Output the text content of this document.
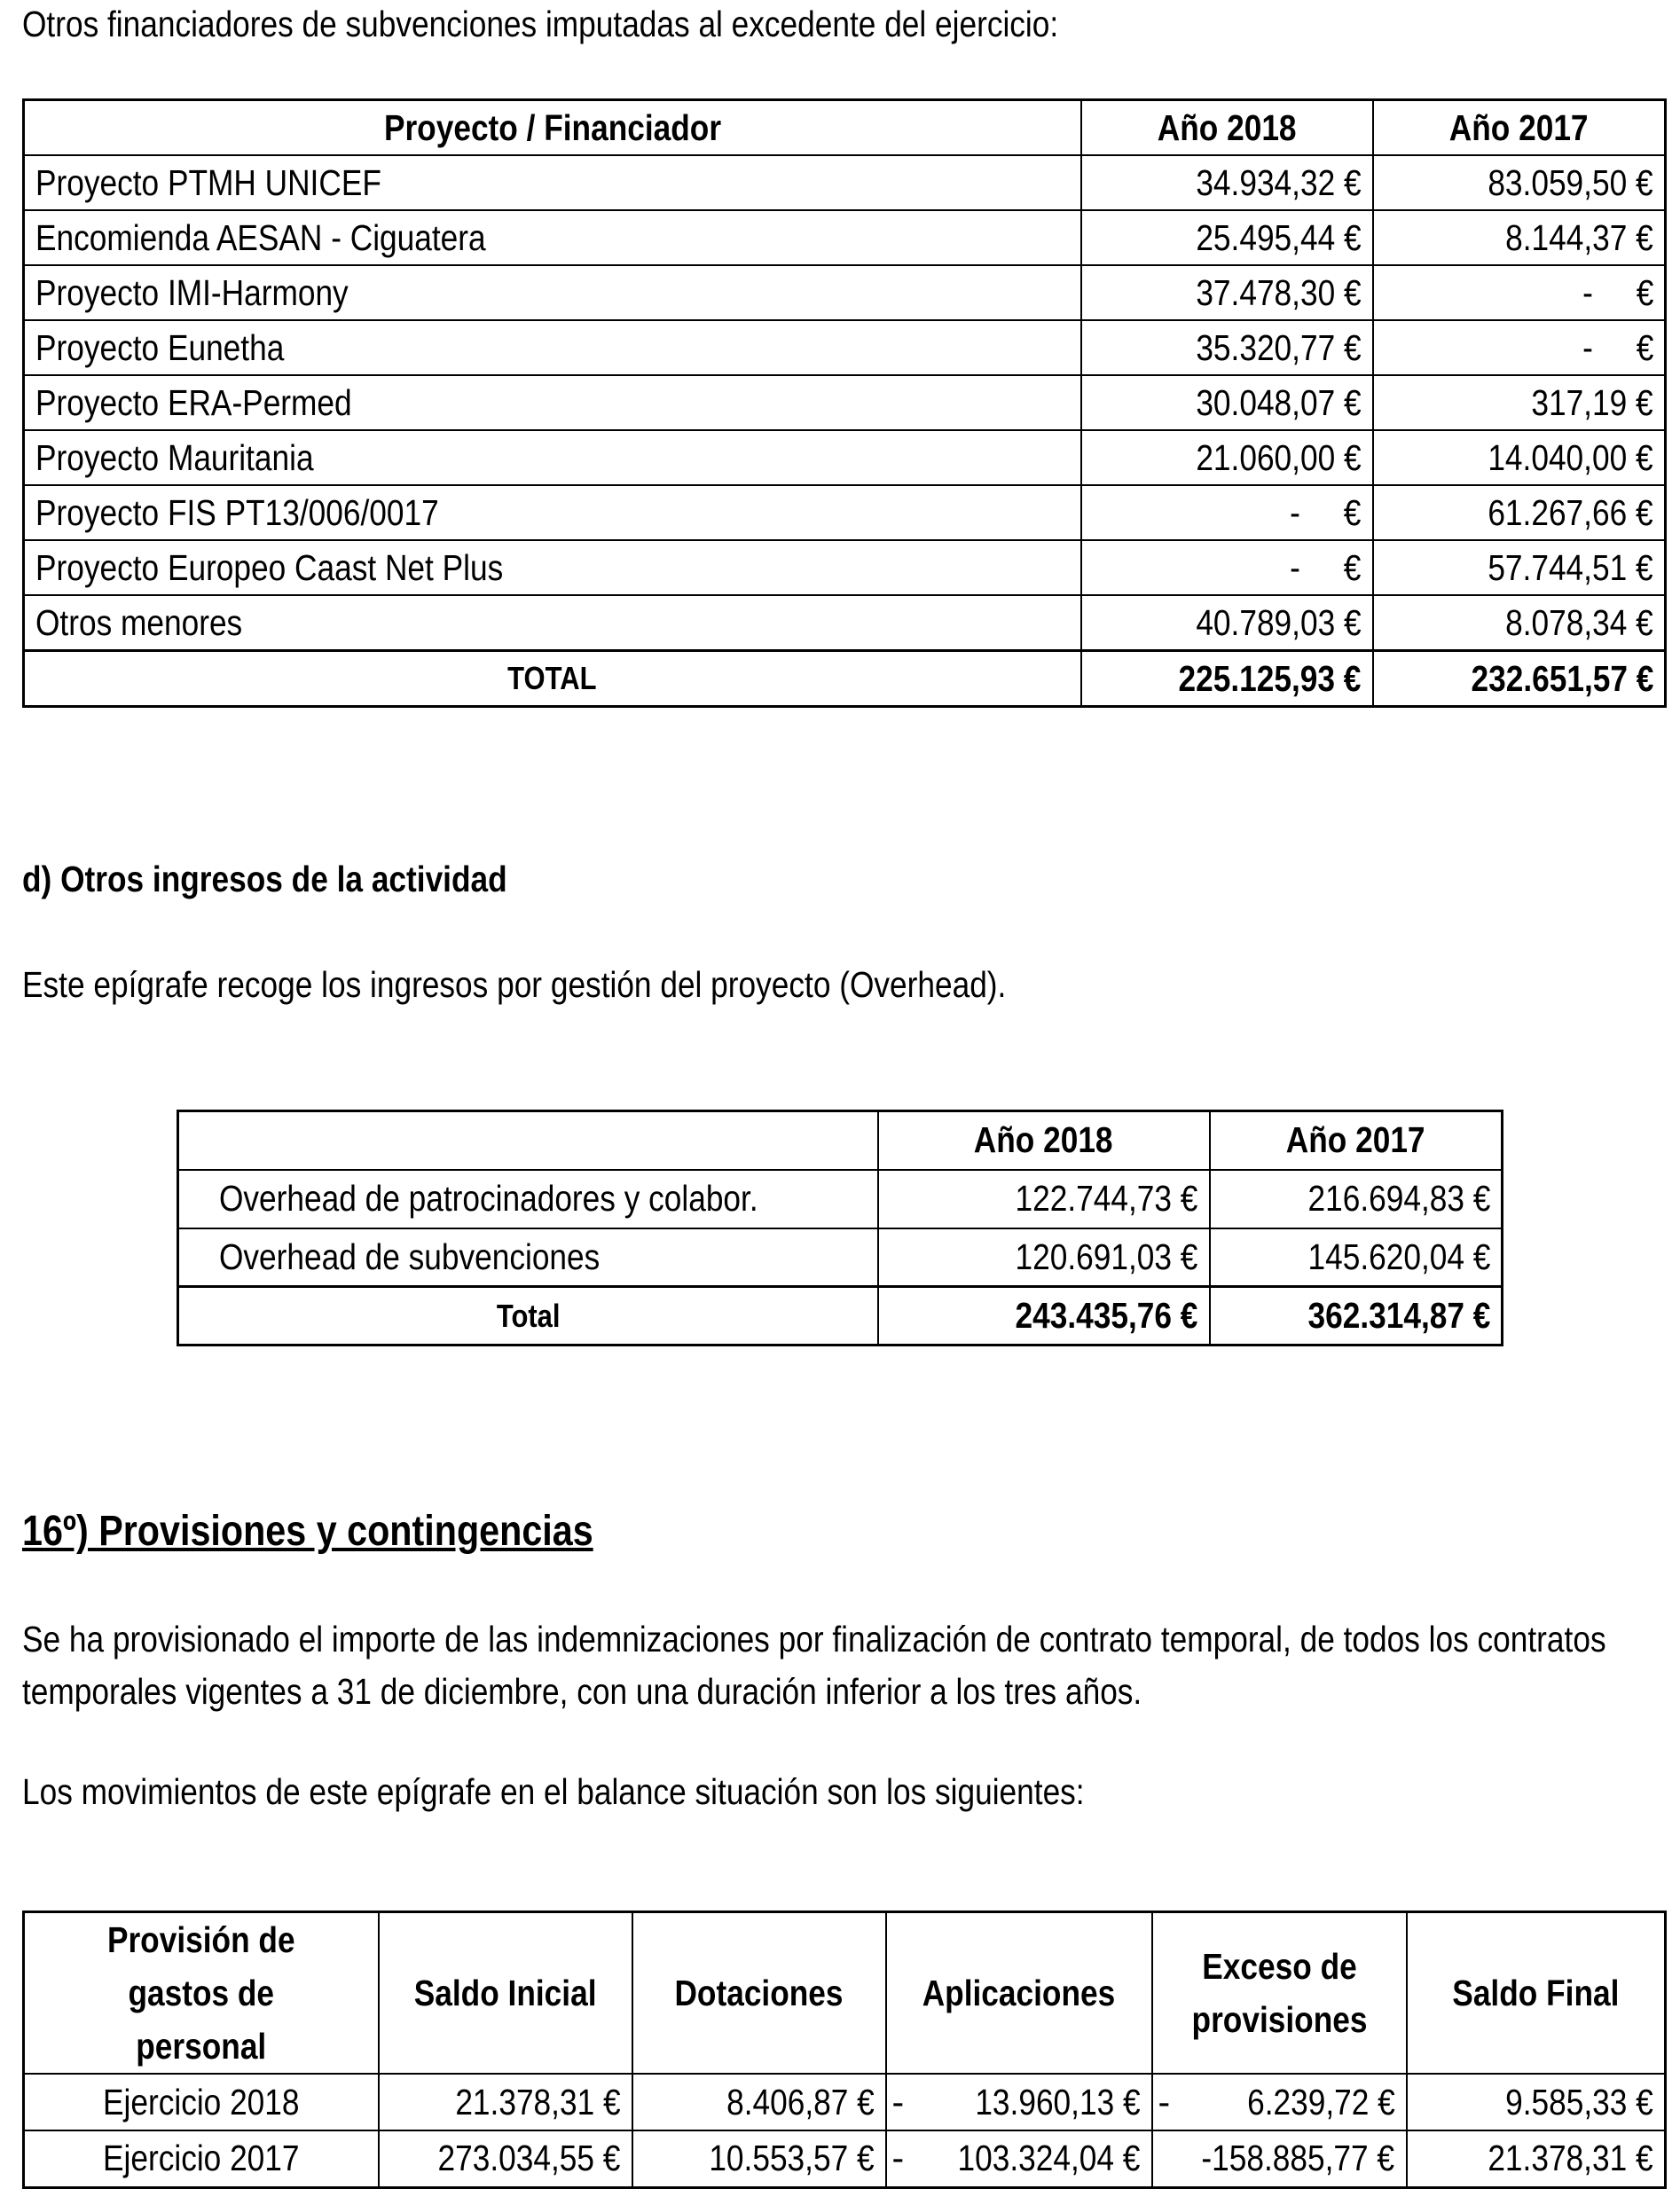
Otros financiadores de subvenciones imputadas al excedente del ejercicio:

Proyecto / Financiador	Año 2018	Año 2017
Proyecto PTMH UNICEF	34.934,32 €	83.059,50 €
Encomienda AESAN - Ciguatera	25.495,44 €	8.144,37 €
Proyecto IMI-Harmony	37.478,30 €	-     €
Proyecto Eunetha	35.320,77 €	-     €
Proyecto ERA-Permed	30.048,07 €	317,19 €
Proyecto Mauritania	21.060,00 €	14.040,00 €
Proyecto FIS PT13/006/0017	-     €	61.267,66 €
Proyecto Europeo Caast Net Plus	-     €	57.744,51 €
Otros menores	40.789,03 €	8.078,34 €
TOTAL	225.125,93 €	232.651,57 €

d) Otros ingresos de la actividad

Este epígrafe recoge los ingresos por gestión del proyecto (Overhead).

	Año 2018	Año 2017
Overhead de patrocinadores y colabor.	122.744,73 €	216.694,83 €
Overhead de subvenciones	120.691,03 €	145.620,04 €
Total	243.435,76 €	362.314,87 €

16º) Provisiones y contingencias

Se ha provisionado el importe de las indemnizaciones por finalización de contrato temporal, de todos los contratos temporales vigentes a 31 de diciembre, con una duración inferior a los tres años.

Los movimientos de este epígrafe en el balance situación son los siguientes:

Provisión de gastos de personal	Saldo Inicial	Dotaciones	Aplicaciones	Exceso de provisiones	Saldo Final
Ejercicio 2018	21.378,31 €	8.406,87 €	- 13.960,13 €	- 6.239,72 €	9.585,33 €
Ejercicio 2017	273.034,55 €	10.553,57 €	- 103.324,04 €	-158.885,77 €	21.378,31 €
